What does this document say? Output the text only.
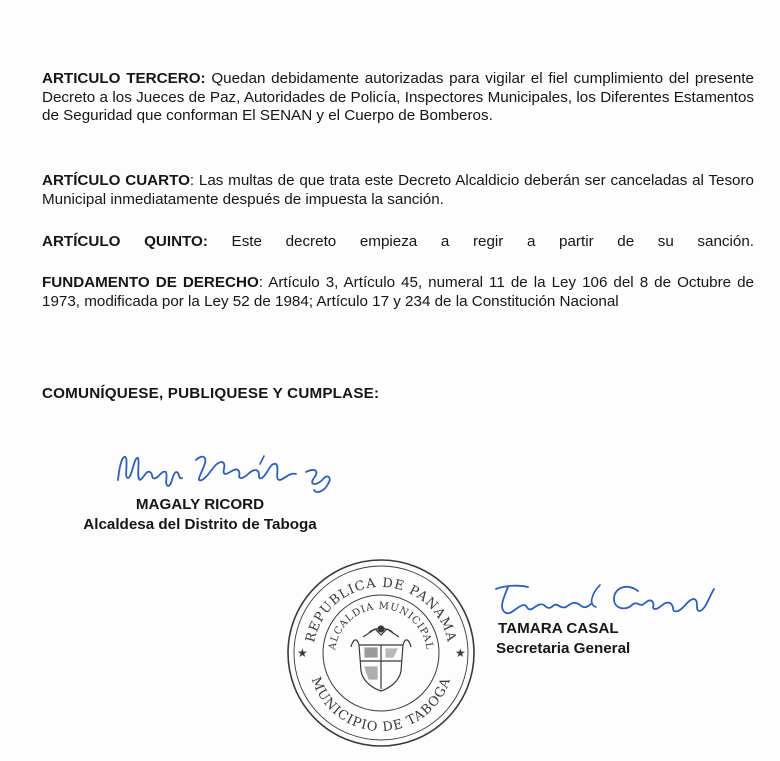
ARTICULO TERCERO: Quedan debidamente autorizadas para vigilar el fiel cumplimiento del presente Decreto a los Jueces de Paz, Autoridades de Policía, Inspectores Municipales, los Diferentes Estamentos de Seguridad que conforman El SENAN y el Cuerpo de Bomberos.

ARTÍCULO CUARTO: Las multas de que trata este Decreto Alcaldicio deberán ser canceladas al Tesoro Municipal inmediatamente después de impuesta la sanción.

ARTÍCULO QUINTO: Este decreto empieza a regir a partir de su sanción.

FUNDAMENTO DE DERECHO: Artículo 3, Artículo 45, numeral 11 de la Ley 106 del 8 de Octubre de 1973, modificada por la Ley 52 de 1984; Artículo 17 y 234 de la Constitución Nacional

COMUNÍQUESE, PUBLIQUESE Y CUMPLASE:

MAGALY RICORD
Alcaldesa del Distrito de Taboga
REPUBLICA DE PANAMA
MUNICIPIO DE TABOGA
ALCALDIA MUNICIPAL
★	★
TAMARA CASAL
Secretaria General
